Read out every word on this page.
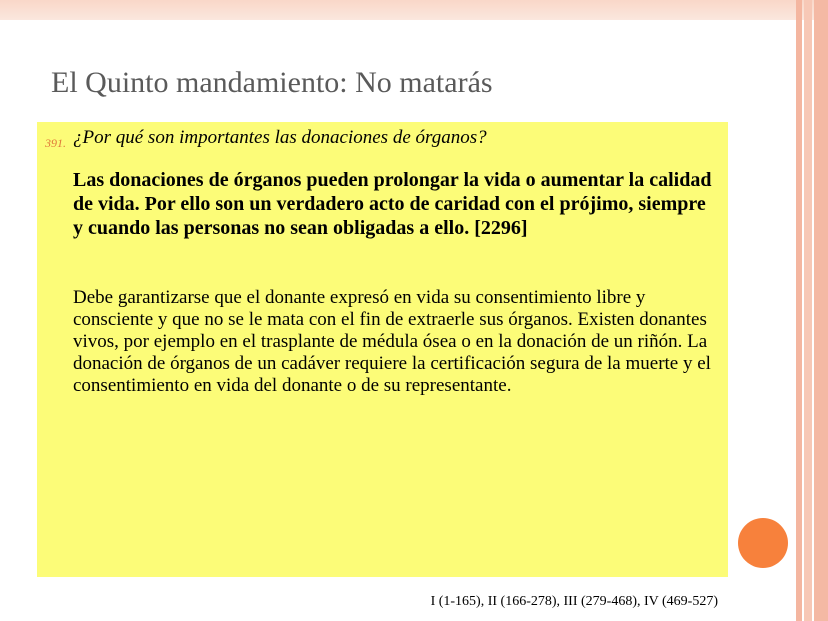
El Quinto mandamiento: No matarás
391. ¿Por qué son importantes las donaciones de órganos?
Las donaciones de órganos pueden prolongar la vida o aumentar la calidad de vida. Por ello son un verdadero acto de caridad con el prójimo, siempre y cuando las personas no sean obligadas a ello. [2296]
Debe garantizarse que el donante expresó en vida su consentimiento libre y consciente y que no se le mata con el fin de extraerle sus órganos. Existen donantes vivos, por ejemplo en el trasplante de médula ósea o en la donación de un riñón. La donación de órganos de un cadáver requiere la certificación segura de la muerte y el consentimiento en vida del donante o de su representante.
I (1-165), II (166-278), III (279-468), IV (469-527)
